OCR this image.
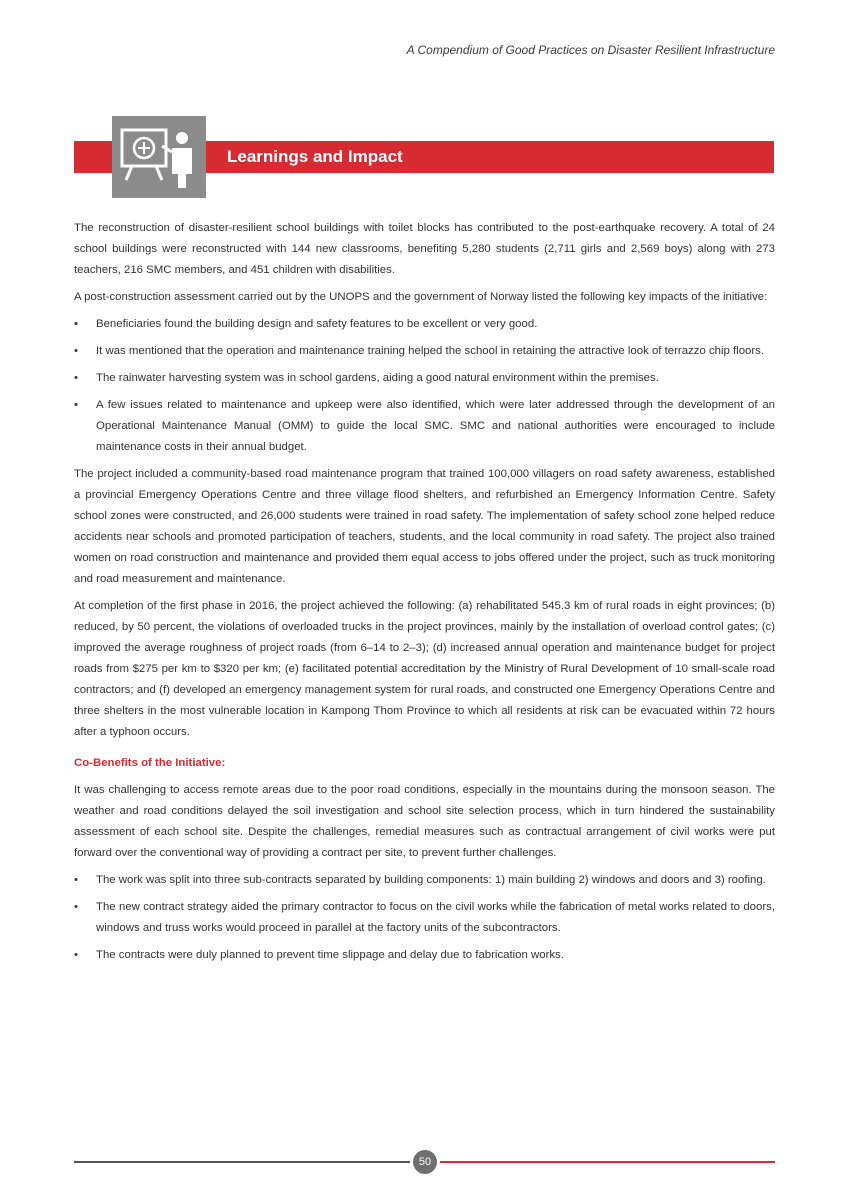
A Compendium of Good Practices on Disaster Resilient Infrastructure
Learnings and Impact

The reconstruction of disaster-resilient school buildings with toilet blocks has contributed to the post-earthquake recovery. A total of 24 school buildings were reconstructed with 144 new classrooms, benefiting 5,280 students (2,711 girls and 2,569 boys) along with 273 teachers, 216 SMC members, and 451 children with disabilities.

A post-construction assessment carried out by the UNOPS and the government of Norway listed the following key impacts of the initiative:

• Beneficiaries found the building design and safety features to be excellent or very good.
• It was mentioned that the operation and maintenance training helped the school in retaining the attractive look of terrazzo chip floors.
• The rainwater harvesting system was in school gardens, aiding a good natural environment within the premises.
• A few issues related to maintenance and upkeep were also identified, which were later addressed through the development of an Operational Maintenance Manual (OMM) to guide the local SMC. SMC and national authorities were encouraged to include maintenance costs in their annual budget.

The project included a community-based road maintenance program that trained 100,000 villagers on road safety awareness, established a provincial Emergency Operations Centre and three village flood shelters, and refurbished an Emergency Information Centre. Safety school zones were constructed, and 26,000 students were trained in road safety. The implementation of safety school zone helped reduce accidents near schools and promoted participation of teachers, students, and the local community in road safety. The project also trained women on road construction and maintenance and provided them equal access to jobs offered under the project, such as truck monitoring and road measurement and maintenance.

At completion of the first phase in 2016, the project achieved the following: (a) rehabilitated 545.3 km of rural roads in eight provinces; (b) reduced, by 50 percent, the violations of overloaded trucks in the project provinces, mainly by the installation of overload control gates; (c) improved the average roughness of project roads (from 6–14 to 2–3); (d) increased annual operation and maintenance budget for project roads from $275 per km to $320 per km; (e) facilitated potential accreditation by the Ministry of Rural Development of 10 small-scale road contractors; and (f) developed an emergency management system for rural roads, and constructed one Emergency Operations Centre and three shelters in the most vulnerable location in Kampong Thom Province to which all residents at risk can be evacuated within 72 hours after a typhoon occurs.

Co-Benefits of the Initiative:

It was challenging to access remote areas due to the poor road conditions, especially in the mountains during the monsoon season. The weather and road conditions delayed the soil investigation and school site selection process, which in turn hindered the sustainability assessment of each school site. Despite the challenges, remedial measures such as contractual arrangement of civil works were put forward over the conventional way of providing a contract per site, to prevent further challenges.

• The work was split into three sub-contracts separated by building components: 1) main building 2) windows and doors and 3) roofing.
• The new contract strategy aided the primary contractor to focus on the civil works while the fabrication of metal works related to doors, windows and truss works would proceed in parallel at the factory units of the subcontractors.
• The contracts were duly planned to prevent time slippage and delay due to fabrication works.
50
